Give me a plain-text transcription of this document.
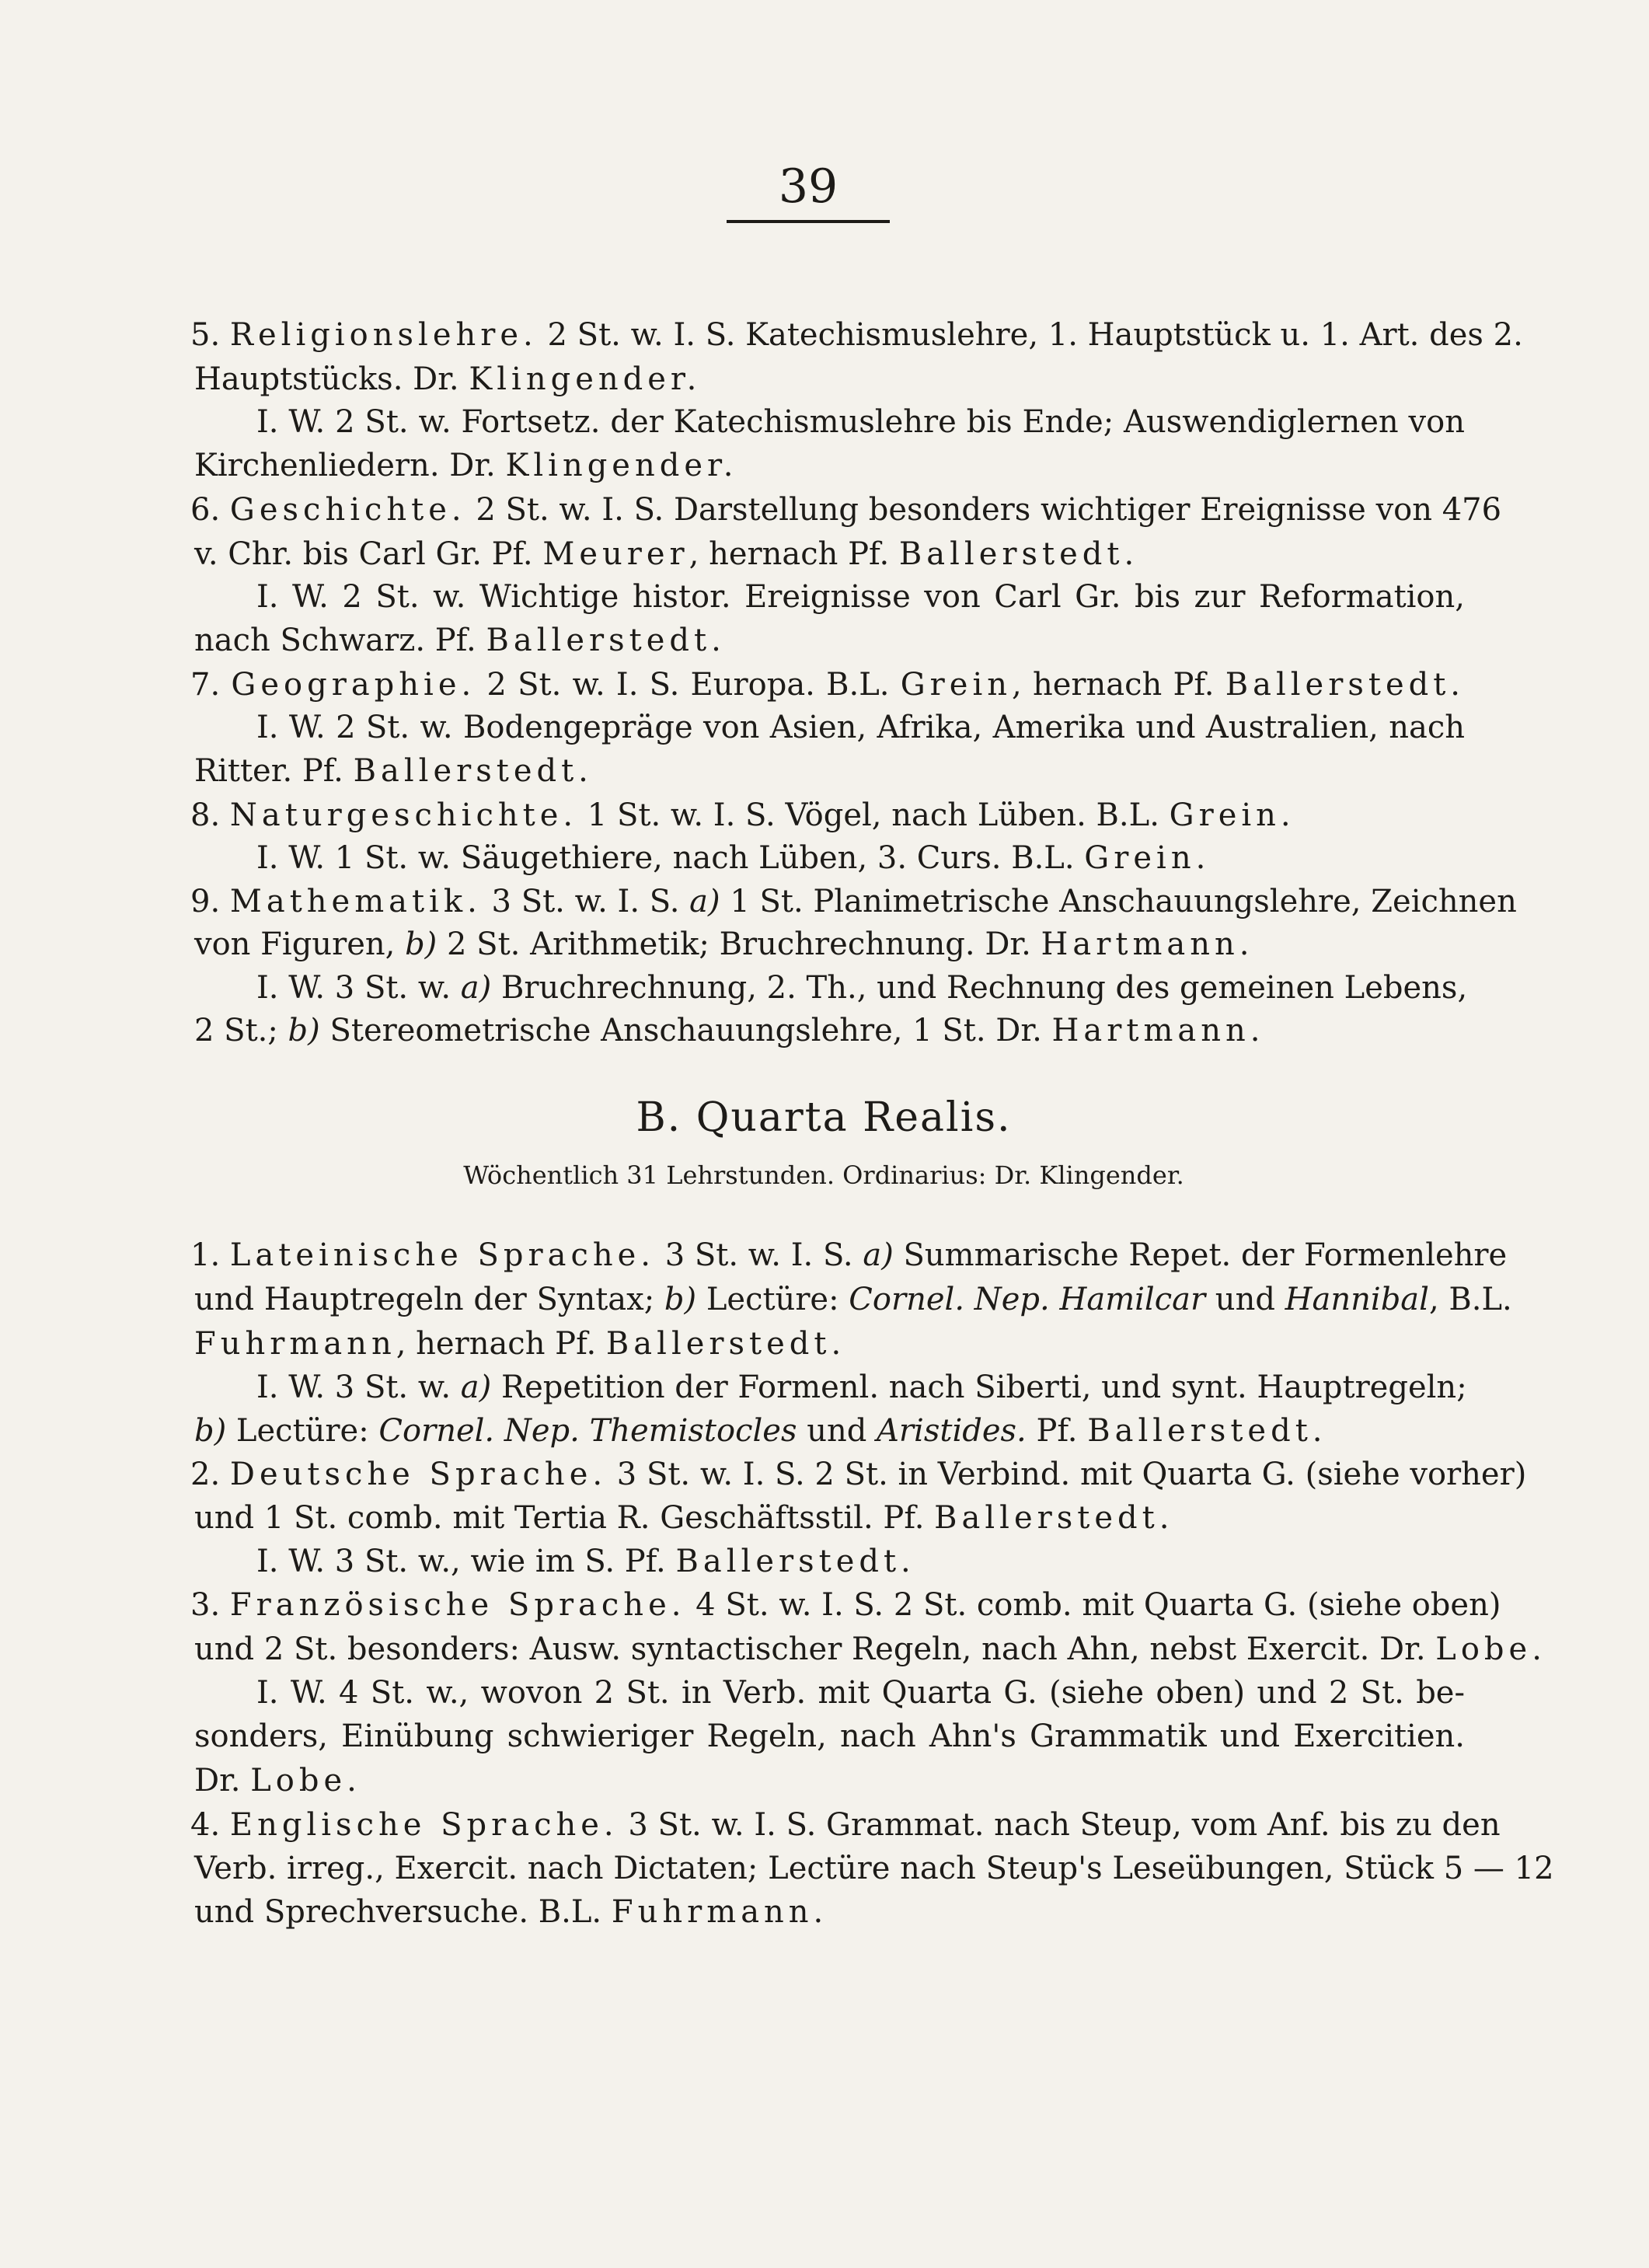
39
5. Religionslehre. 2 St. w. I. S. Katechismuslehre, 1. Hauptstück u. 1. Art. des 2.
Hauptstücks. Dr. Klingender.
I. W. 2 St. w. Fortsetz. der Katechismuslehre bis Ende; Auswendiglernen von
Kirchenliedern. Dr. Klingender.
6. Geschichte. 2 St. w. I. S. Darstellung besonders wichtiger Ereignisse von 476
v. Chr. bis Carl Gr. Pf. Meurer, hernach Pf. Ballerstedt.
I. W. 2 St. w. Wichtige histor. Ereignisse von Carl Gr. bis zur Reformation,
nach Schwarz. Pf. Ballerstedt.
7. Geographie. 2 St. w. I. S. Europa. B.L. Grein, hernach Pf. Ballerstedt.
I. W. 2 St. w. Bodengepräge von Asien, Afrika, Amerika und Australien, nach
Ritter. Pf. Ballerstedt.
8. Naturgeschichte. 1 St. w. I. S. Vögel, nach Lüben. B.L. Grein.
I. W. 1 St. w. Säugethiere, nach Lüben, 3. Curs. B.L. Grein.
9. Mathematik. 3 St. w. I. S. a) 1 St. Planimetrische Anschauungslehre, Zeichnen
von Figuren, b) 2 St. Arithmetik; Bruchrechnung. Dr. Hartmann.
I. W. 3 St. w. a) Bruchrechnung, 2. Th., und Rechnung des gemeinen Lebens,
2 St.; b) Stereometrische Anschauungslehre, 1 St. Dr. Hartmann.
B. Quarta Realis.
Wöchentlich 31 Lehrstunden. Ordinarius: Dr. Klingender.
1. Lateinische Sprache. 3 St. w. I. S. a) Summarische Repet. der Formenlehre
und Hauptregeln der Syntax; b) Lectüre: Cornel. Nep. Hamilcar und Hannibal, B.L.
Fuhrmann, hernach Pf. Ballerstedt.
I. W. 3 St. w. a) Repetition der Formenl. nach Siberti, und synt. Hauptregeln;
b) Lectüre: Cornel. Nep. Themistocles und Aristides. Pf. Ballerstedt.
2. Deutsche Sprache. 3 St. w. I. S. 2 St. in Verbind. mit Quarta G. (siehe vorher)
und 1 St. comb. mit Tertia R. Geschäftsstil. Pf. Ballerstedt.
I. W. 3 St. w., wie im S. Pf. Ballerstedt.
3. Französische Sprache. 4 St. w. I. S. 2 St. comb. mit Quarta G. (siehe oben)
und 2 St. besonders: Ausw. syntactischer Regeln, nach Ahn, nebst Exercit. Dr. Lobe.
I. W. 4 St. w., wovon 2 St. in Verb. mit Quarta G. (siehe oben) und 2 St. be-
sonders, Einübung schwieriger Regeln, nach Ahn's Grammatik und Exercitien.
Dr. Lobe.
4. Englische Sprache. 3 St. w. I. S. Grammat. nach Steup, vom Anf. bis zu den
Verb. irreg., Exercit. nach Dictaten; Lectüre nach Steup's Leseübungen, Stück 5 — 12
und Sprechversuche. B.L. Fuhrmann.
